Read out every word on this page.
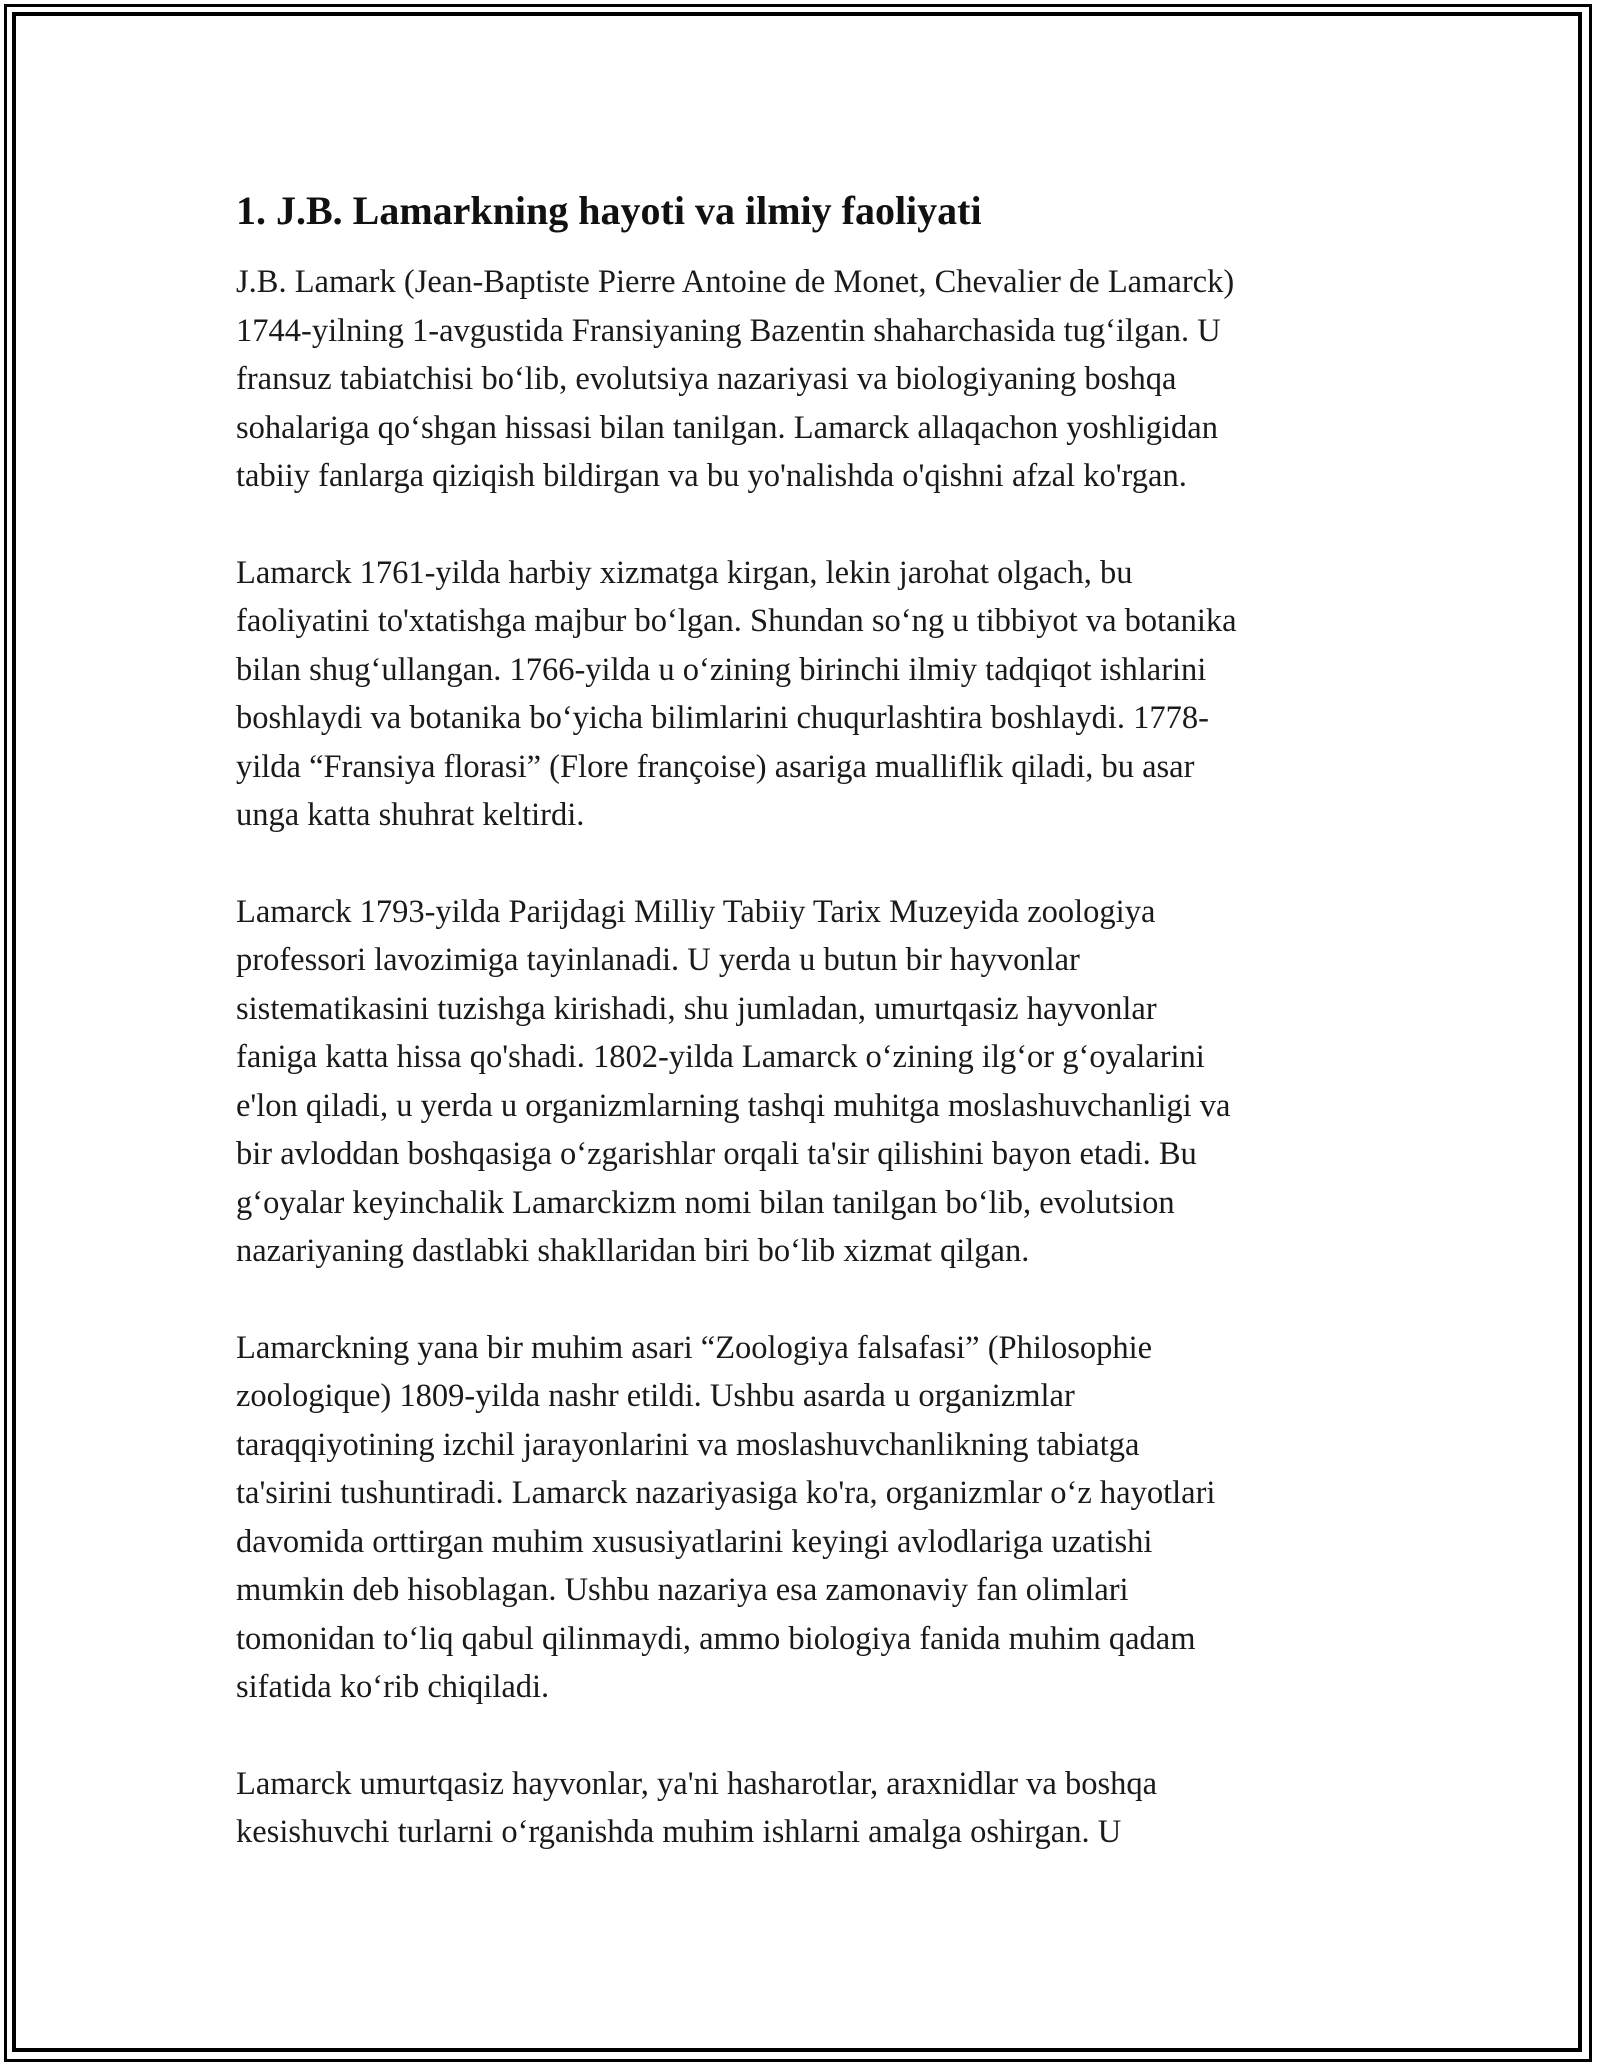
1. J.B. Lamarkning hayoti va ilmiy faoliyati
J.B. Lamark (Jean-Baptiste Pierre Antoine de Monet, Chevalier de Lamarck)
1744-yilning 1-avgustida Fransiyaning Bazentin shaharchasida tug‘ilgan. U
fransuz tabiatchisi bo‘lib, evolutsiya nazariyasi va biologiyaning boshqa
sohalariga qo‘shgan hissasi bilan tanilgan. Lamarck allaqachon yoshligidan
tabiiy fanlarga qiziqish bildirgan va bu yo'nalishda o'qishni afzal ko'rgan.
Lamarck 1761-yilda harbiy xizmatga kirgan, lekin jarohat olgach, bu
faoliyatini to'xtatishga majbur bo‘lgan. Shundan so‘ng u tibbiyot va botanika
bilan shug‘ullangan. 1766-yilda u o‘zining birinchi ilmiy tadqiqot ishlarini
boshlaydi va botanika bo‘yicha bilimlarini chuqurlashtira boshlaydi. 1778-
yilda “Fransiya florasi” (Flore françoise) asariga mualliflik qiladi, bu asar
unga katta shuhrat keltirdi.
Lamarck 1793-yilda Parijdagi Milliy Tabiiy Tarix Muzeyida zoologiya
professori lavozimiga tayinlanadi. U yerda u butun bir hayvonlar
sistematikasini tuzishga kirishadi, shu jumladan, umurtqasiz hayvonlar
faniga katta hissa qo'shadi. 1802-yilda Lamarck o‘zining ilg‘or g‘oyalarini
e'lon qiladi, u yerda u organizmlarning tashqi muhitga moslashuvchanligi va
bir avloddan boshqasiga o‘zgarishlar orqali ta'sir qilishini bayon etadi. Bu
g‘oyalar keyinchalik Lamarckizm nomi bilan tanilgan bo‘lib, evolutsion
nazariyaning dastlabki shakllaridan biri bo‘lib xizmat qilgan.
Lamarckning yana bir muhim asari “Zoologiya falsafasi” (Philosophie
zoologique) 1809-yilda nashr etildi. Ushbu asarda u organizmlar
taraqqiyotining izchil jarayonlarini va moslashuvchanlikning tabiatga
ta'sirini tushuntiradi. Lamarck nazariyasiga ko'ra, organizmlar o‘z hayotlari
davomida orttirgan muhim xususiyatlarini keyingi avlodlariga uzatishi
mumkin deb hisoblagan. Ushbu nazariya esa zamonaviy fan olimlari
tomonidan to‘liq qabul qilinmaydi, ammo biologiya fanida muhim qadam
sifatida ko‘rib chiqiladi.
Lamarck umurtqasiz hayvonlar, ya'ni hasharotlar, araxnidlar va boshqa
kesishuvchi turlarni o‘rganishda muhim ishlarni amalga oshirgan. U
